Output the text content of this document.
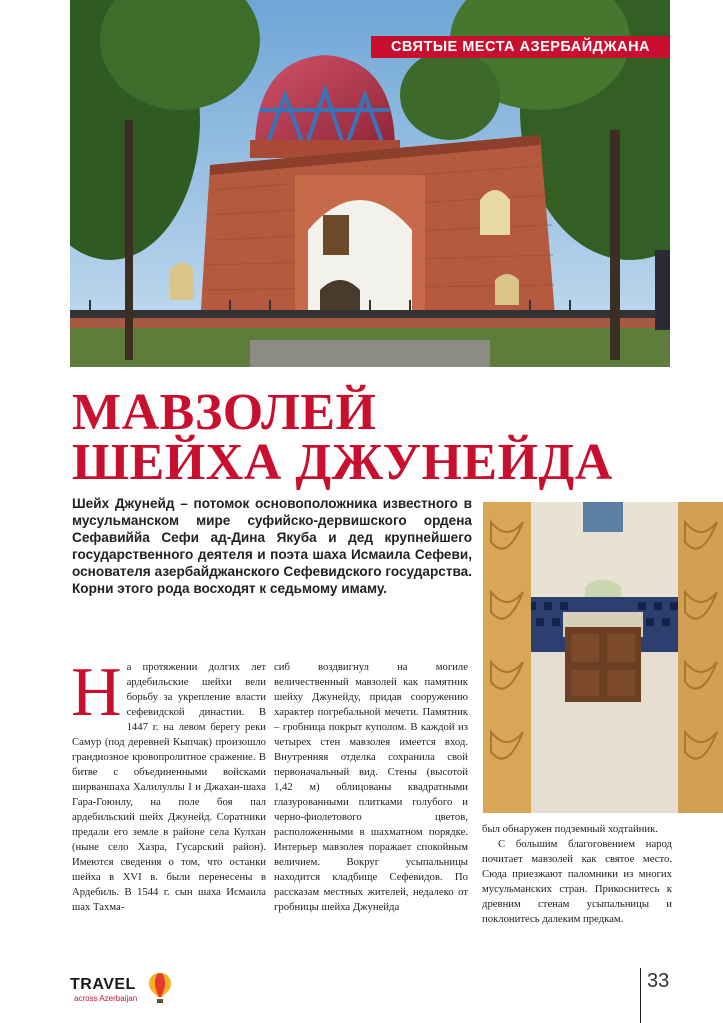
СВЯТЫЕ МЕСТА АЗЕРБАЙДЖАНА
МАВЗОЛЕЙ
ШЕЙХА ДЖУНЕЙДА

Шейх Джунейд – потомок основоположника известного в мусульманском мире суфийско-дервишского ордена Сефавиййа Сефи ад-Дина Якуба и дед крупнейшего государственного деятеля и поэта шаха Исмаила Сефеви, основателя азербайджанского Сефевидского государства. Корни этого рода восходят к седьмому имаму.

На протяжении долгих лет ардебильские шейхи вели борьбу за укрепление власти сефевидской династии. В 1447 г. на левом берегу реки Самур (под деревней Кыпчак) произошло грандиозное кровопролитное сражение. В битве с объединенными войсками ширваншаха Халилуллы I и Джахан-шаха Гара-Гоюнлу, на поле боя пал ардебильский шейх Джунейд. Соратники предали его земле в районе села Кулхан (ныне село Хазра, Гусарский район). Имеются сведения о том, что останки шейха в XVI в. были перенесены в Ардебиль. В 1544 г. сын шаха Исмаила шах Тахма-
сиб воздвигнул на могиле величественный мавзолей как памятник шейху Джунейду, придав сооружению характер погребальной мечети. Памятник – гробница покрыт куполом. В каждой из четырех стен мавзолея имеется вход. Внутренняя отделка сохранила свой первоначальный вид. Стены (высотой 1,42 м) облицованы квадратными глазурованными плитками голубого и черно-фиолетового цветов, расположенными в шахматном порядке. Интерьер мавзолея поражает спокойным величием. Вокруг усыпальницы находится кладбище Сефевидов. По рассказам местных жителей, недалеко от гробницы шейха Джунейда

был обнаружен подземный ходтайник.

С большим благоговением народ почитает мавзолей как святое место. Сюда приезжают паломники из многих мусульманских стран. Прикоснитесь к древним стенам усыпальницы и поклонитесь далеким предкам.

TRAVEL
across Azerbaijan
33
